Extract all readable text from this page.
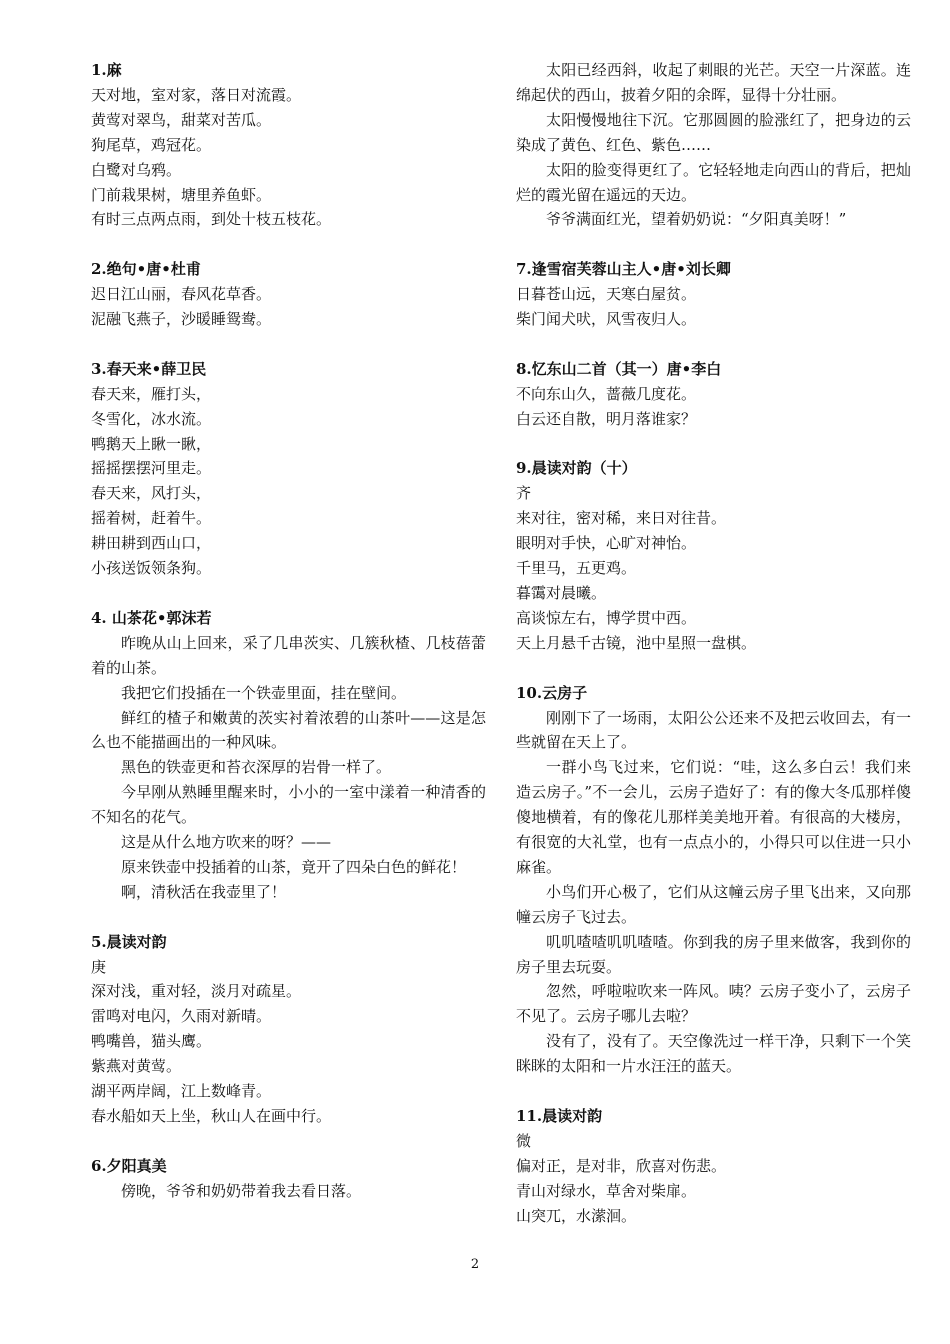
1.麻
天对地，室对家，落日对流霞。
黄莺对翠鸟，甜菜对苦瓜。
狗尾草，鸡冠花。
白鹭对乌鸦。
门前栽果树，塘里养鱼虾。
有时三点两点雨，到处十枝五枝花。
2.绝句•唐•杜甫
迟日江山丽，春风花草香。
泥融飞燕子，沙暖睡鸳鸯。
3.春天来•薛卫民
春天来，雁打头，
冬雪化，冰水流。
鸭鹅天上瞅一瞅，
摇摇摆摆河里走。
春天来，风打头，
摇着树，赶着牛。
耕田耕到西山口，
小孩送饭领条狗。
4. 山茶花•郭沫若
昨晚从山上回来，采了几串茨实、几簇秋楂、几枝蓓蕾着的山茶。
我把它们投插在一个铁壶里面，挂在壁间。
鲜红的楂子和嫩黄的茨实衬着浓碧的山茶叶——这是怎么也不能描画出的一种风味。
黑色的铁壶更和苔衣深厚的岩骨一样了。
今早刚从熟睡里醒来时，小小的一室中漾着一种清香的不知名的花气。
这是从什么地方吹来的呀？——
原来铁壶中投插着的山茶，竟开了四朵白色的鲜花！
啊，清秋活在我壶里了！
5.晨读对韵
庚
深对浅，重对轻，淡月对疏星。
雷鸣对电闪，久雨对新晴。
鸭嘴兽，猫头鹰。
紫燕对黄莺。
湖平两岸阔，江上数峰青。
春水船如天上坐，秋山人在画中行。
6.夕阳真美
傍晚，爷爷和奶奶带着我去看日落。
太阳已经西斜，收起了刺眼的光芒。天空一片深蓝。连绵起伏的西山，披着夕阳的余晖，显得十分壮丽。
太阳慢慢地往下沉。它那圆圆的脸涨红了，把身边的云染成了黄色、红色、紫色……
太阳的脸变得更红了。它轻轻地走向西山的背后，把灿烂的霞光留在遥远的天边。
爷爷满面红光，望着奶奶说：“夕阳真美呀！”
7.逢雪宿芙蓉山主人•唐•刘长卿
日暮苍山远，天寒白屋贫。
柴门闻犬吠，风雪夜归人。
8.忆东山二首（其一）唐•李白
不向东山久，蔷薇几度花。
白云还自散，明月落谁家？
9.晨读对韵（十）
齐
来对往，密对稀，来日对往昔。
眼明对手快，心旷对神怡。
千里马，五更鸡。
暮霭对晨曦。
高谈惊左右，博学贯中西。
天上月悬千古镜，池中星照一盘棋。
10.云房子
刚刚下了一场雨，太阳公公还来不及把云收回去，有一些就留在天上了。
一群小鸟飞过来，它们说：“哇，这么多白云！我们来造云房子。”不一会儿，云房子造好了：有的像大冬瓜那样傻傻地横着，有的像花儿那样美美地开着。有很高的大楼房，有很宽的大礼堂，也有一点点小的，小得只可以住进一只小麻雀。
小鸟们开心极了，它们从这幢云房子里飞出来，又向那幢云房子飞过去。
叽叽喳喳叽叽喳喳。你到我的房子里来做客，我到你的房子里去玩耍。
忽然，呼啦啦吹来一阵风。咦？云房子变小了，云房子不见了。云房子哪儿去啦？
没有了，没有了。天空像洗过一样干净，只剩下一个笑眯眯的太阳和一片水汪汪的蓝天。
11.晨读对韵
微
偏对正，是对非，欣喜对伤悲。
青山对绿水，草舍对柴扉。
山突兀，水潆洄。
2
